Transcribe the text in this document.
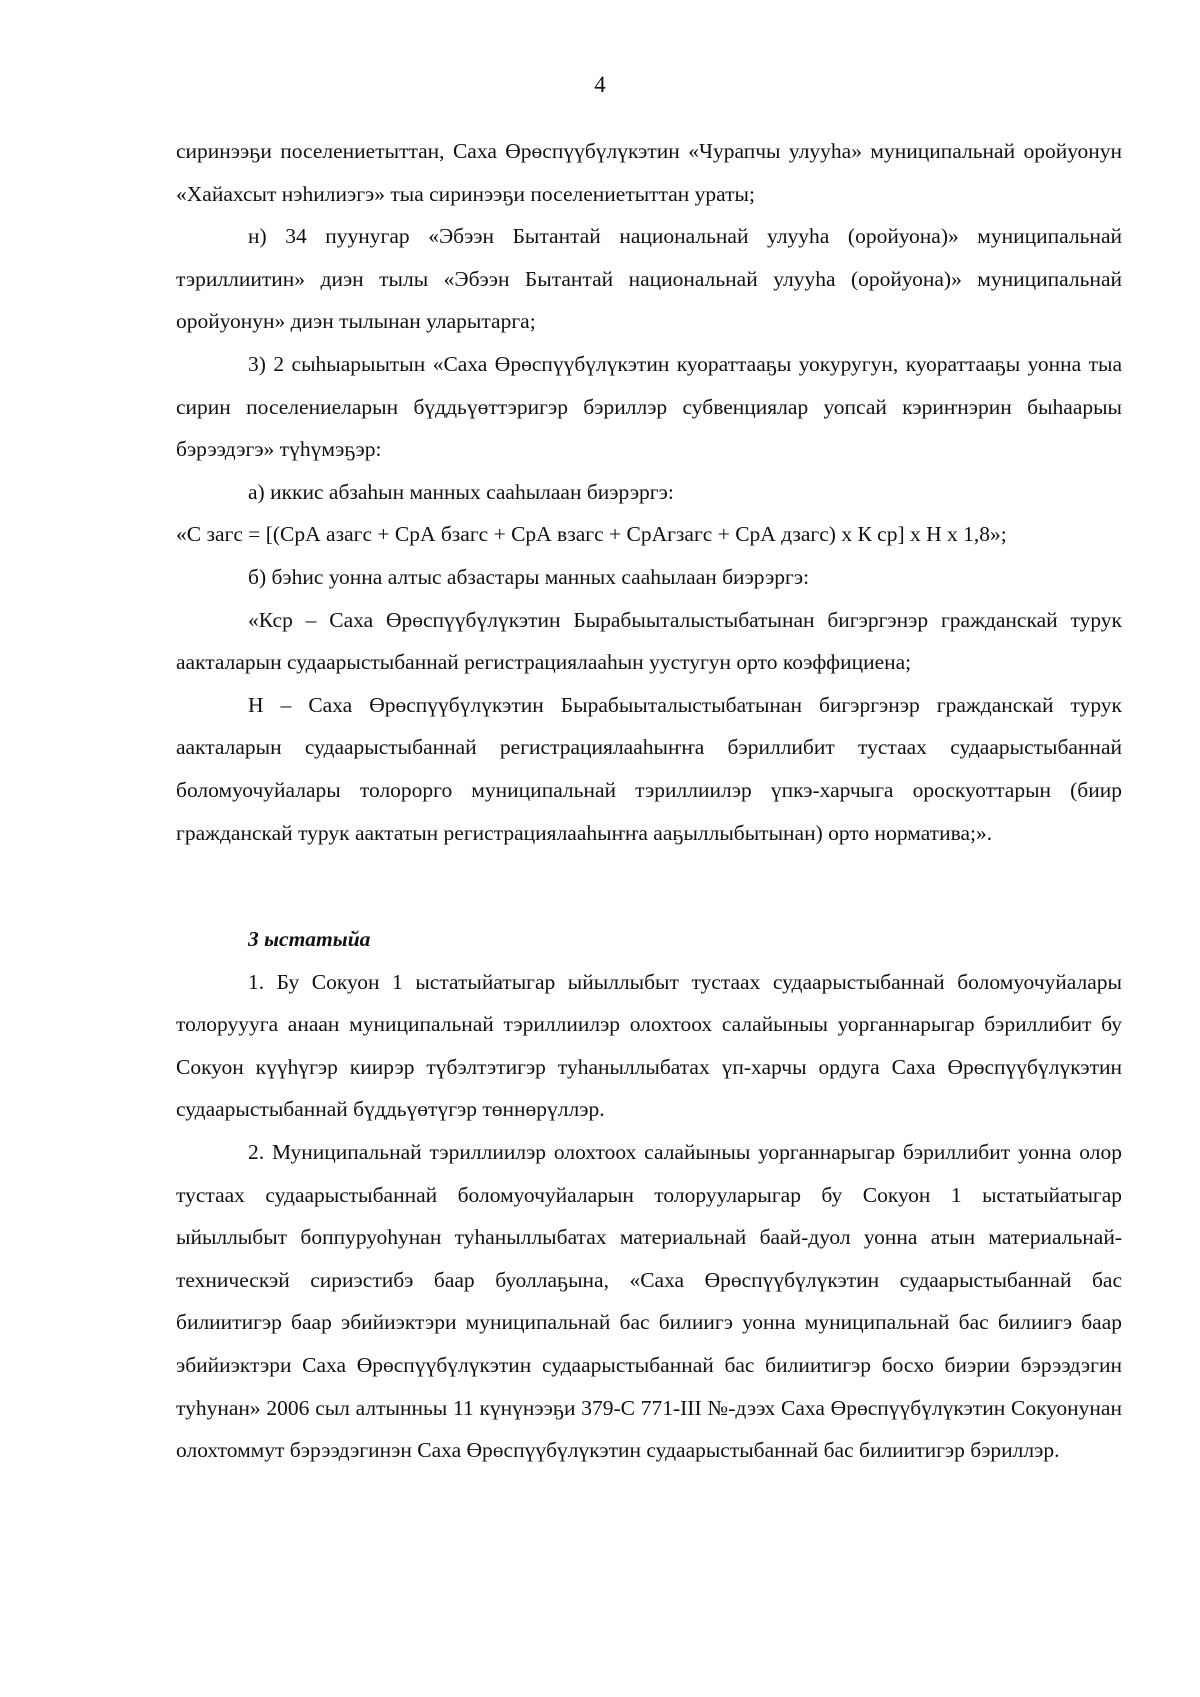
4

сиринээҕи поселениетыттан, Саха Өрөспүүбүлүкэтин «Чурапчы улууһа» муниципальнай оройуонун «Хайахсыт нэһилиэгэ» тыа сиринээҕи поселениетыттан ураты;

н) 34 пуунугар «Эбээн Бытантай национальнай улууһа (оройуона)» муниципальнай тэриллиитин» диэн тылы «Эбээн Бытантай национальнай улууһа (оройуона)» муниципальнай оройуонун» диэн тылынан уларытарга;

3) 2 сыһыарыытын «Саха Өрөспүүбүлүкэтин куораттааҕы уокуругун, куораттааҕы уонна тыа сирин поселениеларын бүддьүөттэригэр бэриллэр субвенциялар уопсай кэриҥнэрин быһаарыы бэрээдэгэ» түһүмэҕэр:

а) иккис абзаһын манных сааһылаан биэрэргэ:

«С загс = [(СрА азагс + СрА бзагс + СрА взагс + СрАгзагс + СрА дзагс) х К ср] х Н х 1,8»;

б) бэһис уонна алтыс абзастары манных сааһылаан биэрэргэ:

«Кср – Саха Өрөспүүбүлүкэтин Бырабыыталыстыбатынан бигэргэнэр гражданскай турук аакталарын судаарыстыбаннай регистрациялааһын уустугун орто коэффициена;

Н – Саха Өрөспүүбүлүкэтин Бырабыыталыстыбатынан бигэргэнэр гражданскай турук аакталарын судаарыстыбаннай регистрациялааһыҥҥа бэриллибит тустаах судаарыстыбаннай боломуочуйалары толорорго муниципальнай тэриллиилэр үпкэ-харчыга ороскуоттарын (биир гражданскай турук аактатын регистрациялааһыҥҥа ааҕыллыбытынан) орто норматива;».

3 ыстатыйа

1. Бу Сокуон 1 ыстатыйатыгар ыйыллыбыт тустаах судаарыстыбаннай боломуочуйалары толоруууга анаан муниципальнай тэриллиилэр олохтоох салайыныы уорганнарыгар бэриллибит бу Сокуон күүһүгэр киирэр түбэлтэтигэр туһаныллыбатах үп-харчы ордуга Саха Өрөспүүбүлүкэтин судаарыстыбаннай бүддьүөтүгэр төннөрүллэр.

2. Муниципальнай тэриллиилэр олохтоох салайыныы уорганнарыгар бэриллибит уонна олор тустаах судаарыстыбаннай боломуочуйаларын толорууларыгар бу Сокуон 1 ыстатыйатыгар ыйыллыбыт боппуруоһунан туһаныллыбатах материальнай баай-дуол уонна атын материальнай-техническэй сириэстибэ баар буоллаҕына, «Саха Өрөспүүбүлүкэтин судаарыстыбаннай бас билиитигэр баар эбийиэктэри муниципальнай бас билиигэ уонна муниципальнай бас билиигэ баар эбийиэктэри Саха Өрөспүүбүлүкэтин судаарыстыбаннай бас билиитигэр босхо биэрии бэрээдэгин туһунан» 2006 сыл алтынньы 11 күнүнээҕи 379-С 771-III №-дээх Саха Өрөспүүбүлүкэтин Сокуонунан олохтоммут бэрээдэгинэн Саха Өрөспүүбүлүкэтин судаарыстыбаннай бас билиитигэр бэриллэр.
